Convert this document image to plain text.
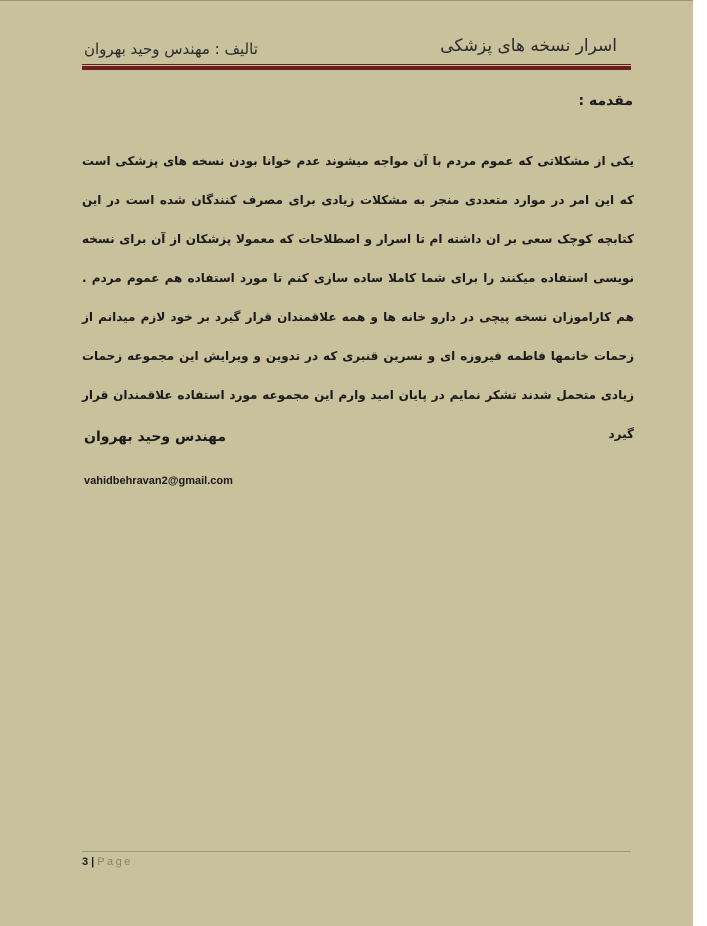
اسرار نسخه های پزشکی
تالیف : مهندس وحید بهروان
مقدمه :

یکی از مشکلاتی که عموم مردم با آن مواجه میشوند عدم خوانا بودن نسخه های پزشکی است که این امر در موارد متعددی منجر به مشکلات زیادی برای مصرف کنندگان شده است در این کتابچه کوچک سعی بر ان داشته ام تا اسرار و اصطلاحات که معمولا پزشکان از آن برای نسخه نویسی استفاده میکنند را برای شما کاملا ساده سازی کنم تا مورد استفاده هم عموم مردم . هم کاراموزان نسخه پیچی در دارو خانه ها و همه علاقمندان قرار گیرد بر خود لازم میدانم از زحمات خانمها فاطمه فیروزه ای و نسرین قنبری که در تدوین و ویرایش این مجموعه زحمات زیادی متحمل شدند تشکر نمایم در پایان امید وارم این مجموعه مورد استفاده علاقمندان قرار گیرد

مهندس وحید بهروان
vahidbehravan2@gmail.com
3 | Page
